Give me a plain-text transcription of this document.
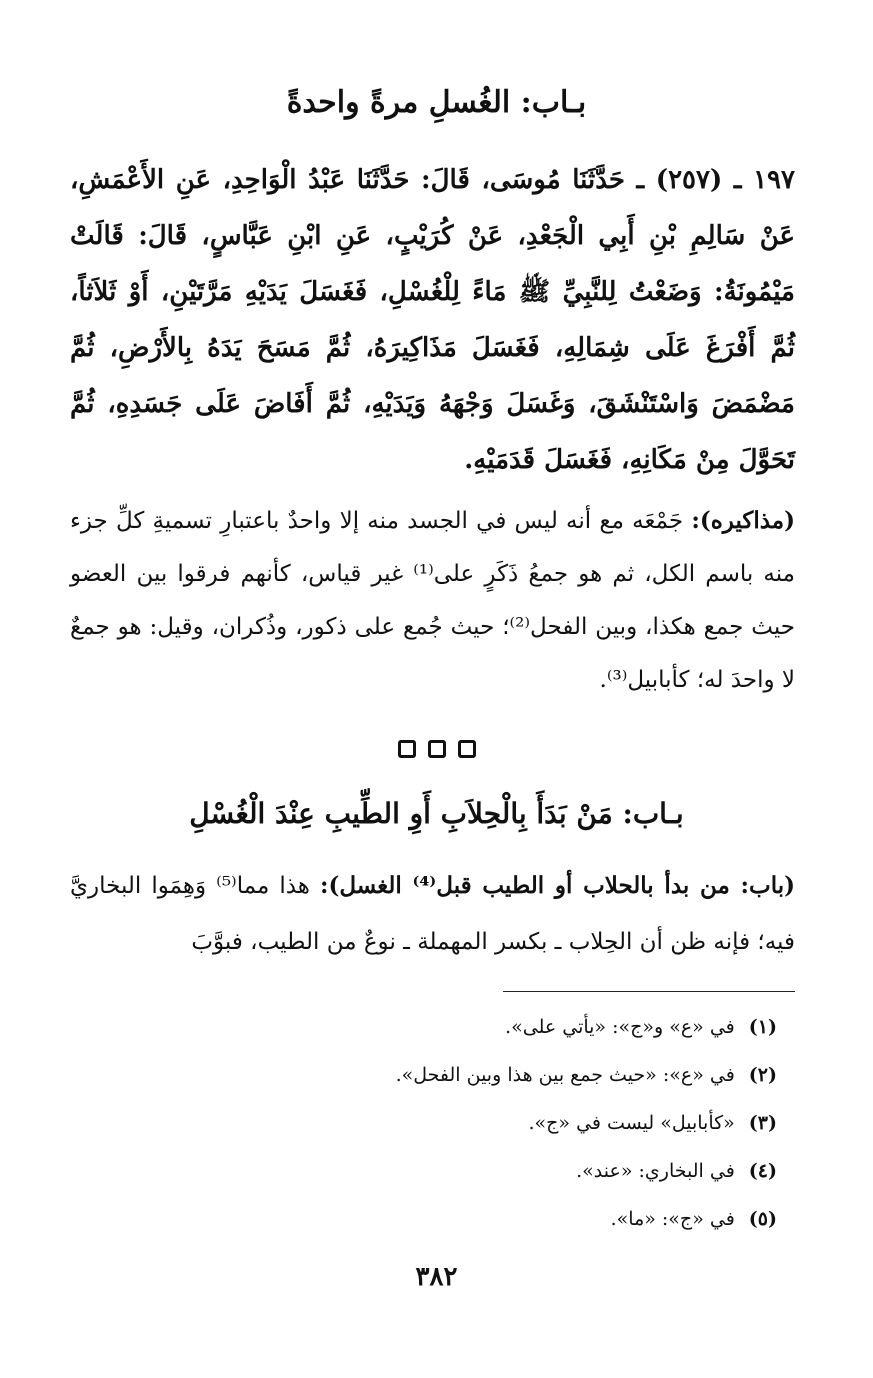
بـاب: الغُسلِ مرةً واحدةً
١٩٧ ـ (٢٥٧) ـ حَدَّثَنَا مُوسَى، قَالَ: حَدَّثَنَا عَبْدُ الْوَاحِدِ، عَنِ الأَعْمَشِ، عَنْ سَالِمِ بْنِ أَبِي الْجَعْدِ، عَنْ كُرَيْبٍ، عَنِ ابْنِ عَبَّاسٍ، قَالَ: قَالَتْ مَيْمُونَةُ: وَضَعْتُ لِلنَّبِيِّ ﷺ مَاءً لِلْغُسْلِ، فَغَسَلَ يَدَيْهِ مَرَّتَيْنِ، أَوْ ثَلاَثاً، ثُمَّ أَفْرَغَ عَلَى شِمَالِهِ، فَغَسَلَ مَذَاكِيرَهُ، ثُمَّ مَسَحَ يَدَهُ بِالأَرْضِ، ثُمَّ مَضْمَضَ وَاسْتَنْشَقَ، وَغَسَلَ وَجْهَهُ وَيَدَيْهِ، ثُمَّ أَفَاضَ عَلَى جَسَدِهِ، ثُمَّ تَحَوَّلَ مِنْ مَكَانِهِ، فَغَسَلَ قَدَمَيْهِ.
(مذاكيره): جَمْعَه مع أنه ليس في الجسد منه إلا واحدٌ باعتبارِ تسميةِ كلِّ جزء منه باسم الكل، ثم هو جمعُ ذَكَرٍ على⁽¹⁾ غير قياس، كأنهم فرقوا بين العضو حيث جمع هكذا، وبين الفحل⁽²⁾؛ حيث جُمع على ذكور، وذُكران، وقيل: هو جمعٌ لا واحدَ له؛ كأبابيل⁽³⁾.
بـاب: مَنْ بَدَأَ بِالْحِلاَبِ أَوِ الطِّيبِ عِنْدَ الْغُسْلِ
(باب: من بدأ بالحلاب أو الطيب قبل⁽⁴⁾ الغسل): هذا مما⁽⁵⁾ وَهِمَوا البخاريَّ فيه؛ فإنه ظن أن الحِلاب ـ بكسر المهملة ـ نوعٌ من الطيب، فبوَّبَ
(١)
في «ع» و«ج»: «يأتي على».
(٢)
في «ع»: «حيث جمع بين هذا وبين الفحل».
(٣)
«كأبابيل» ليست في «ج».
(٤)
في البخاري: «عند».
(٥)
في «ج»: «ما».
٣٨٢
